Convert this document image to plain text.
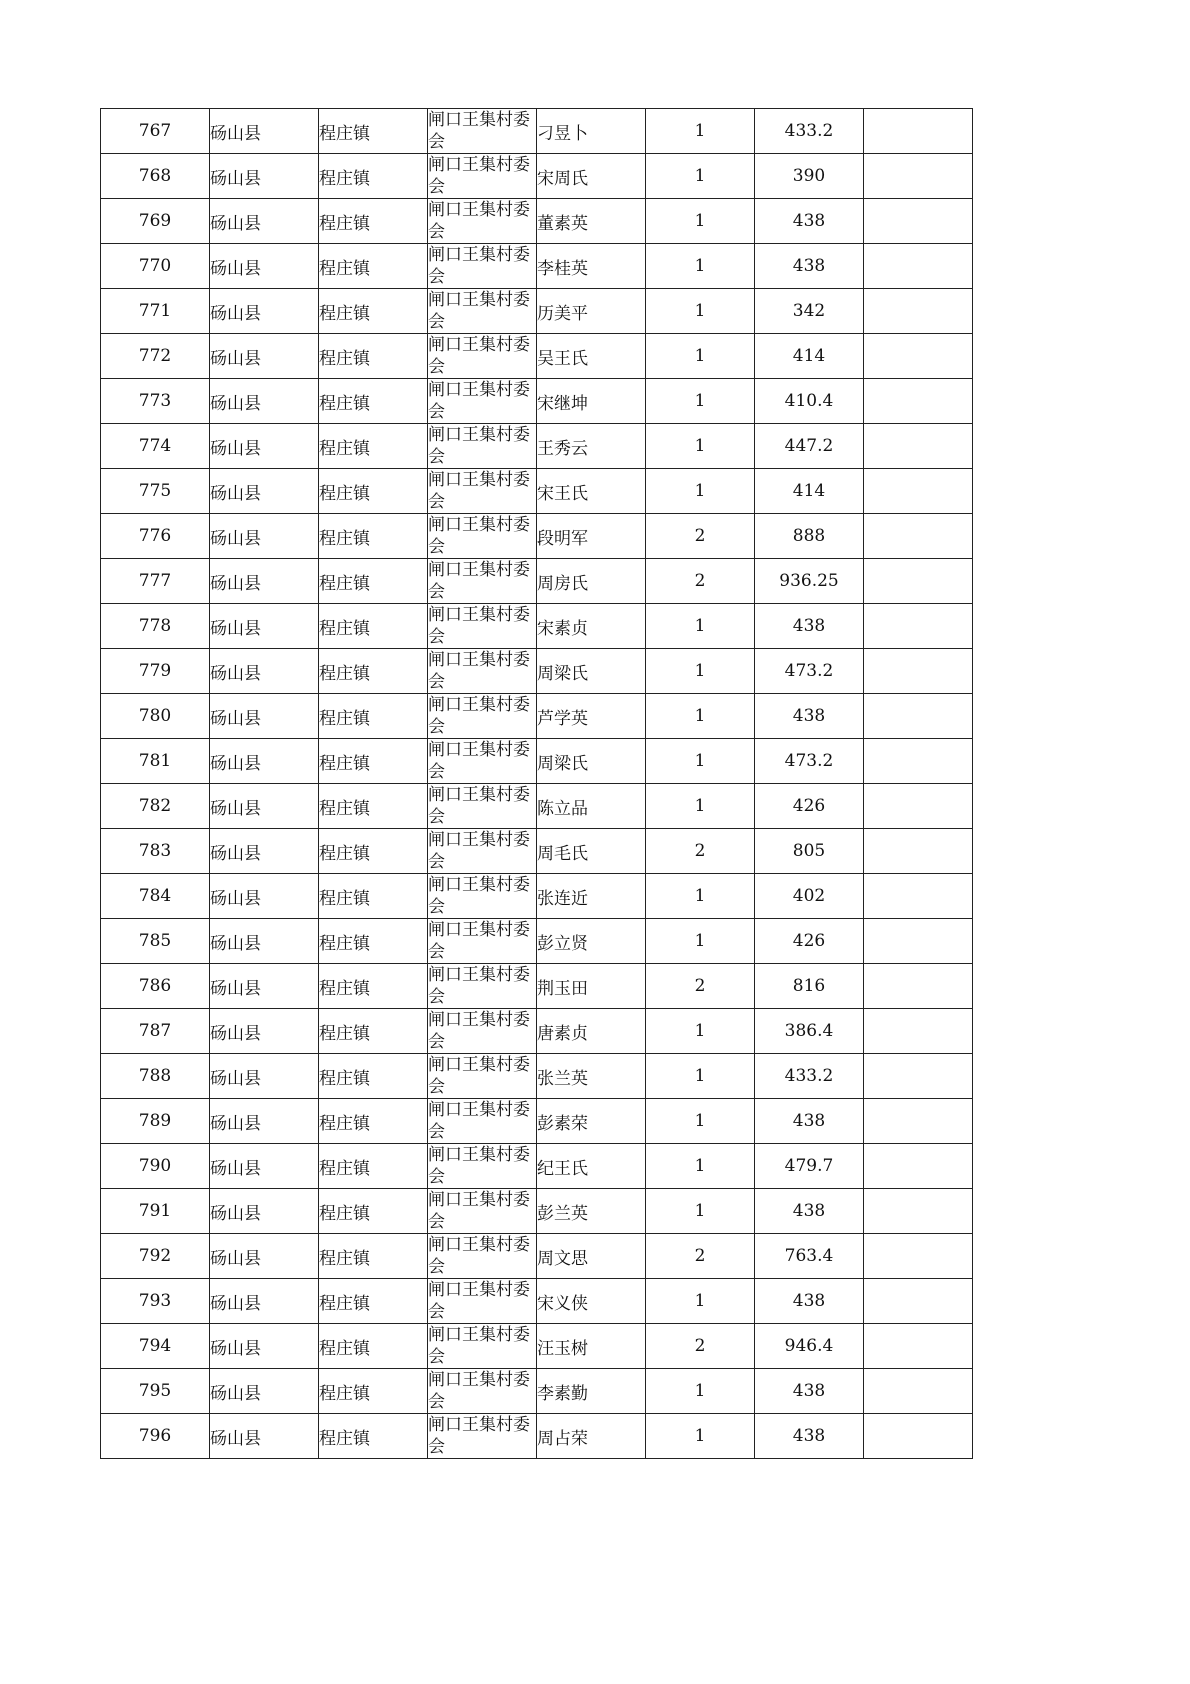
767	砀山县	程庄镇	闸口王集村委会	刁昱卜	1	433.2	
768	砀山县	程庄镇	闸口王集村委会	宋周氏	1	390	
769	砀山县	程庄镇	闸口王集村委会	董素英	1	438	
770	砀山县	程庄镇	闸口王集村委会	李桂英	1	438	
771	砀山县	程庄镇	闸口王集村委会	历美平	1	342	
772	砀山县	程庄镇	闸口王集村委会	吴王氏	1	414	
773	砀山县	程庄镇	闸口王集村委会	宋继坤	1	410.4	
774	砀山县	程庄镇	闸口王集村委会	王秀云	1	447.2	
775	砀山县	程庄镇	闸口王集村委会	宋王氏	1	414	
776	砀山县	程庄镇	闸口王集村委会	段明军	2	888	
777	砀山县	程庄镇	闸口王集村委会	周房氏	2	936.25	
778	砀山县	程庄镇	闸口王集村委会	宋素贞	1	438	
779	砀山县	程庄镇	闸口王集村委会	周梁氏	1	473.2	
780	砀山县	程庄镇	闸口王集村委会	芦学英	1	438	
781	砀山县	程庄镇	闸口王集村委会	周梁氏	1	473.2	
782	砀山县	程庄镇	闸口王集村委会	陈立品	1	426	
783	砀山县	程庄镇	闸口王集村委会	周毛氏	2	805	
784	砀山县	程庄镇	闸口王集村委会	张连近	1	402	
785	砀山县	程庄镇	闸口王集村委会	彭立贤	1	426	
786	砀山县	程庄镇	闸口王集村委会	荆玉田	2	816	
787	砀山县	程庄镇	闸口王集村委会	唐素贞	1	386.4	
788	砀山县	程庄镇	闸口王集村委会	张兰英	1	433.2	
789	砀山县	程庄镇	闸口王集村委会	彭素荣	1	438	
790	砀山县	程庄镇	闸口王集村委会	纪王氏	1	479.7	
791	砀山县	程庄镇	闸口王集村委会	彭兰英	1	438	
792	砀山县	程庄镇	闸口王集村委会	周文思	2	763.4	
793	砀山县	程庄镇	闸口王集村委会	宋义侠	1	438	
794	砀山县	程庄镇	闸口王集村委会	汪玉树	2	946.4	
795	砀山县	程庄镇	闸口王集村委会	李素勤	1	438	
796	砀山县	程庄镇	闸口王集村委会	周占荣	1	438	
